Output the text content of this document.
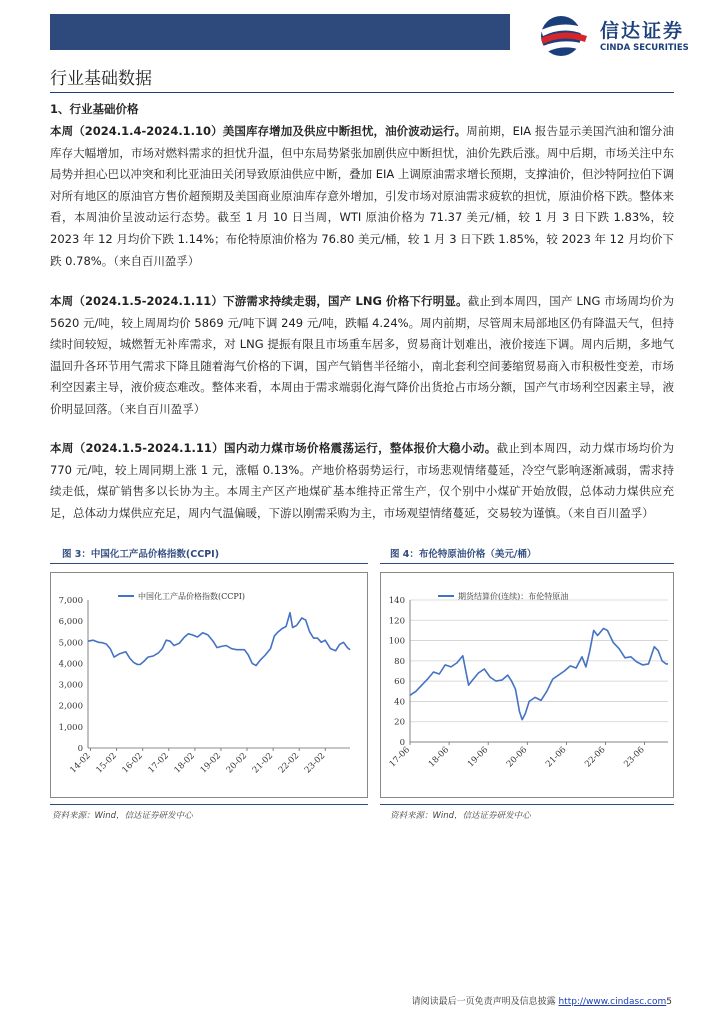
信达证券
CINDA SECURITIES
行业基础数据
1、行业基础价格
本周（2024.1.4-2024.1.10）美国库存增加及供应中断担忧，油价波动运行。周前期，EIA 报告显示美国汽油和馏分油库存大幅增加，市场对燃料需求的担忧升温，但中东局势紧张加剧供应中断担忧，油价先跌后涨。周中后期，市场关注中东局势并担心巴以冲突和利比亚油田关闭导致原油供应中断，叠加 EIA 上调原油需求增长预期，支撑油价，但沙特阿拉伯下调对所有地区的原油官方售价超预期及美国商业原油库存意外增加，引发市场对原油需求疲软的担忧，原油价格下跌。整体来看，本周油价呈波动运行态势。截至 1 月 10 日当周，WTI 原油价格为 71.37 美元/桶，较 1 月 3 日下跌 1.83%，较 2023 年 12 月均价下跌 1.14%；布伦特原油价格为 76.80 美元/桶，较 1 月 3 日下跌 1.85%，较 2023 年 12 月均价下跌 0.78%。（来自百川盈孚）
本周（2024.1.5-2024.1.11）下游需求持续走弱，国产 LNG 价格下行明显。截止到本周四，国产 LNG 市场周均价为 5620 元/吨，较上周周均价 5869 元/吨下调 249 元/吨，跌幅 4.24%。周内前期，尽管周末局部地区仍有降温天气，但持续时间较短，城燃暂无补库需求，对 LNG 提振有限且市场重车居多，贸易商计划难出，液价接连下调。周内后期，多地气温回升各环节用气需求下降且随着海气价格的下调，国产气销售半径缩小，南北套利空间萎缩贸易商入市积极性变差，市场利空因素主导，液价疲态难改。整体来看，本周由于需求端弱化海气降价出货抢占市场分额，国产气市场利空因素主导，液价明显回落。（来自百川盈孚）
本周（2024.1.5-2024.1.11）国内动力煤市场价格震荡运行，整体报价大稳小动。截止到本周四，动力煤市场均价为 770 元/吨，较上周同期上涨 1 元，涨幅 0.13%。产地价格弱势运行，市场悲观情绪蔓延，冷空气影响逐渐减弱，需求持续走低，煤矿销售多以长协为主。本周主产区产地煤矿基本维持正常生产，仅个别中小煤矿开始放假，总体动力煤供应充足，总体动力煤供应充足，周内气温偏暖，下游以刚需采购为主，市场观望情绪蔓延，交易较为谨慎。（来自百川盈孚）
图 3：中国化工产品价格指数(CCPI)
7,000
6,000
5,000
4,000
3,000
2,000
1,000
0
14-02 15-02 16-02 17-02 18-02 19-02 20-02 21-02 22-02 23-02
中国化工产品价格指数(CCPI)
资料来源：Wind，信达证券研发中心
图 4：布伦特原油价格（美元/桶）
140
120
100
80
60
40
20
0
17-06 18-06 19-06 20-06 21-06 22-06 23-06
期货结算价(连续)：布伦特原油
资料来源：Wind，信达证券研发中心
请阅读最后一页免责声明及信息披露 http://www.cindasc.com5
